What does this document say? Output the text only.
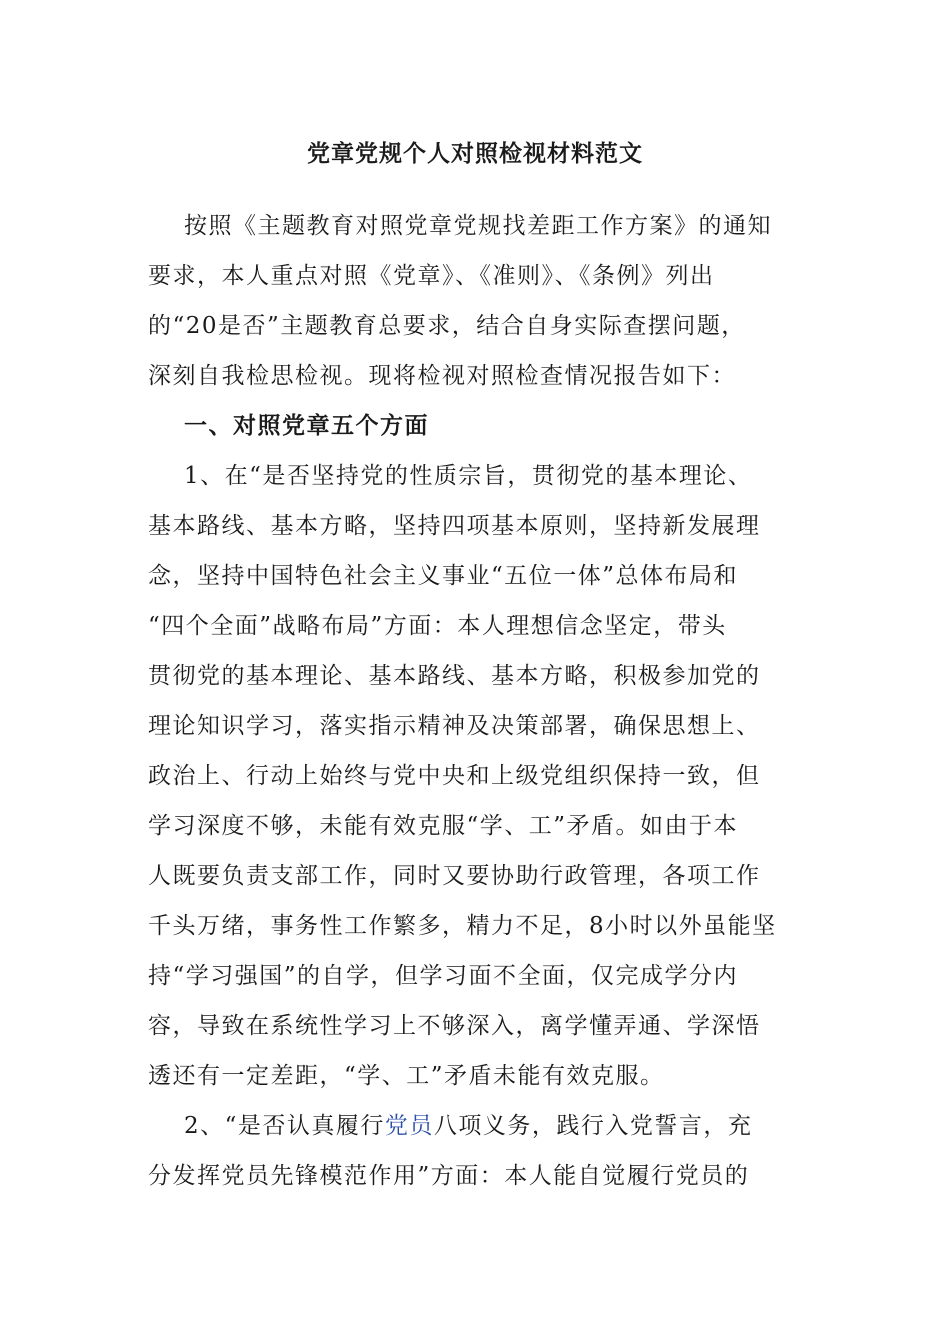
党章党规个人对照检视材料范文

按照《主题教育对照党章党规找差距工作方案》的通知

要求，本人重点对照《党章》、《准则》、《条例》列出

的“20是否”主题教育总要求，结合自身实际查摆问题，

深刻自我检思检视。现将检视对照检查情况报告如下：

一、对照党章五个方面

1、在“是否坚持党的性质宗旨，贯彻党的基本理论、

基本路线、基本方略，坚持四项基本原则，坚持新发展理

念，坚持中国特色社会主义事业“五位一体”总体布局和

“四个全面”战略布局”方面：本人理想信念坚定，带头

贯彻党的基本理论、基本路线、基本方略，积极参加党的

理论知识学习，落实指示精神及决策部署，确保思想上、

政治上、行动上始终与党中央和上级党组织保持一致，但

学习深度不够，未能有效克服“学、工”矛盾。如由于本

人既要负责支部工作，同时又要协助行政管理，各项工作

千头万绪，事务性工作繁多，精力不足，8小时以外虽能坚

持“学习强国”的自学，但学习面不全面，仅完成学分内

容，导致在系统性学习上不够深入，离学懂弄通、学深悟

透还有一定差距，“学、工”矛盾未能有效克服。

2、“是否认真履行党员八项义务，践行入党誓言，充

分发挥党员先锋模范作用”方面：本人能自觉履行党员的
